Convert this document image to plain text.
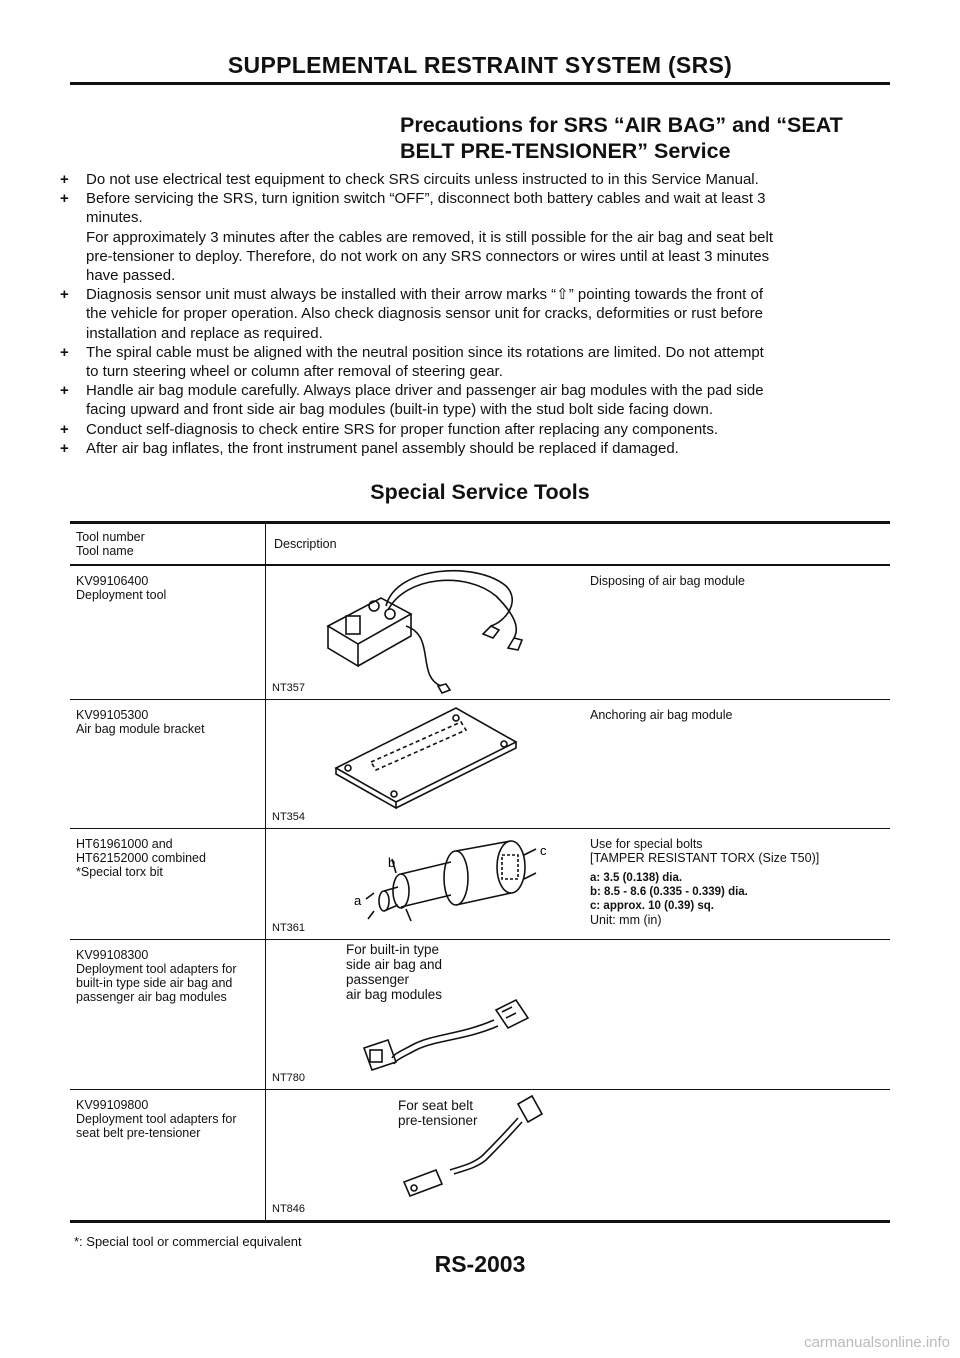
SUPPLEMENTAL RESTRAINT SYSTEM (SRS)
Precautions for SRS “AIR BAG” and “SEAT
BELT PRE-TENSIONER” Service
+ Do not use electrical test equipment to check SRS circuits unless instructed to in this Service Manual.
+ Before servicing the SRS, turn ignition switch “OFF”, disconnect both battery cables and wait at least 3
minutes.
For approximately 3 minutes after the cables are removed, it is still possible for the air bag and seat belt
pre-tensioner to deploy. Therefore, do not work on any SRS connectors or wires until at least 3 minutes
have passed.
+ Diagnosis sensor unit must always be installed with their arrow marks “⇧” pointing towards the front of
the vehicle for proper operation. Also check diagnosis sensor unit for cracks, deformities or rust before
installation and replace as required.
+ The spiral cable must be aligned with the neutral position since its rotations are limited. Do not attempt
to turn steering wheel or column after removal of steering gear.
+ Handle air bag module carefully. Always place driver and passenger air bag modules with the pad side
facing upward and front side air bag modules (built-in type) with the stud bolt side facing down.
+ Conduct self-diagnosis to check entire SRS for proper function after replacing any components.
+ After air bag inflates, the front instrument panel assembly should be replaced if damaged.
Special Service Tools
Tool number
Tool name	Description
KV99106400
Deployment tool
NT357
Disposing of air bag module
KV99105300
Air bag module bracket
NT354
Anchoring air bag module
HT61961000 and
HT62152000 combined
*Special torx bit
c
b
a
NT361
Use for special bolts
[TAMPER RESISTANT TORX (Size T50)]
a: 3.5 (0.138) dia.
b: 8.5 - 8.6 (0.335 - 0.339) dia.
c: approx. 10 (0.39) sq.
Unit: mm (in)
KV99108300
Deployment tool adapters for
built-in type side air bag and
passenger air bag modules
For built-in type
side air bag and
passenger
air bag modules
NT780
KV99109800
Deployment tool adapters for
seat belt pre-tensioner
For seat belt
pre-tensioner
NT846
*: Special tool or commercial equivalent
RS-2003
carmanualsonline.info
